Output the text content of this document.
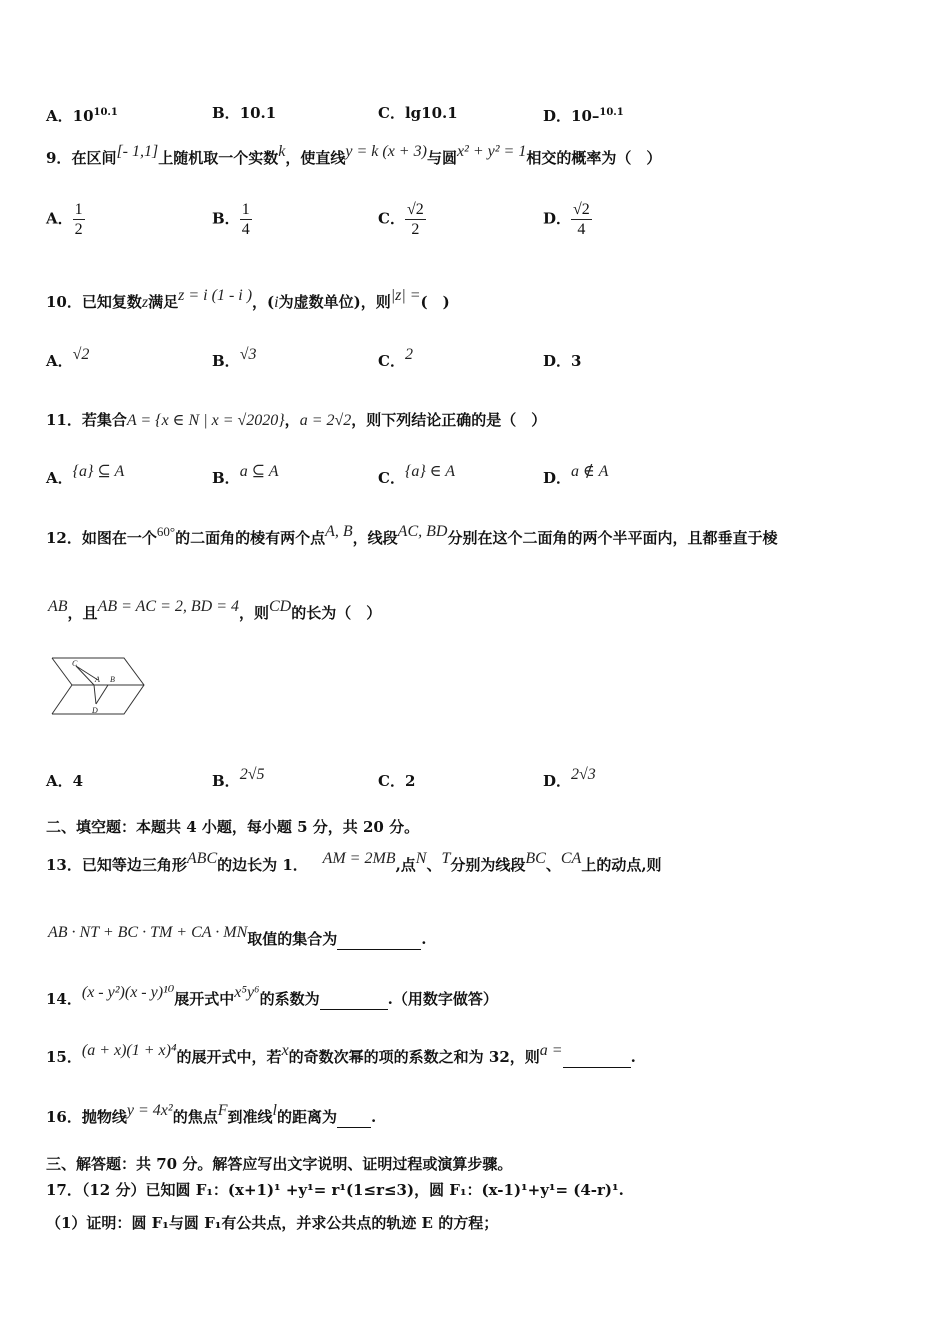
A．$10^{10.1}$	B．10.1	C．lg10.1	D．10–$^{10.1}$
9．在区间[- 1,1]上随机取一个实数k，使直线y = k (x + 3)与圆x² + y² = 1相交的概率为（　）
A． $\frac{1}{2}$	B． $\frac{1}{4}$	C． $\frac{√2}{2}$	D． $\frac{√2}{4}$
10．已知复数z满足z = i (1 - i )，(i为虚数单位)，则|z| =(　)
A．√2	B．√3	C．2	D．3
11．若集合A = {x ∈ N | x = √2020}，a = 2√2，则下列结论正确的是（　）
A．{a} ⊆ A	B．a ⊆ A	C．{a} ∈ A	D．a ∉ A
12．如图在一个60°的二面角的棱有两个点A, B，线段AC, BD分别在这个二面角的两个半平面内，且都垂直于棱
AB，且AB = AC = 2, BD = 4，则CD的长为（　）
C
A B
D
A．4	B．2√5	C．2	D．2√3
二、填空题：本题共 4 小题，每小题 5 分，共 20 分。
13．已知等边三角形ABC的边长为 1． AM = 2MB,点N、T分别为线段BC、CA上的动点,则
AB · NT + BC · TM + CA · MN取值的集合为	.
14．(x - y²)(x - y)¹⁰展开式中x⁵y⁶的系数为	.（用数字做答）
15．(a + x)(1 + x)⁴的展开式中，若x的奇数次幂的项的系数之和为 32，则a =	.
16．抛物线y = 4x²的焦点F到准线l的距离为 .
三、解答题：共 70 分。解答应写出文字说明、证明过程或演算步骤。
17．（12 分）已知圆 F₁：(x+1)¹ +y¹= r¹(1≤r≤3)，圆 F₁：(x-1)¹+y¹= (4-r)¹.
（1）证明：圆 F₁与圆 F₁有公共点，并求公共点的轨迹 E 的方程；
